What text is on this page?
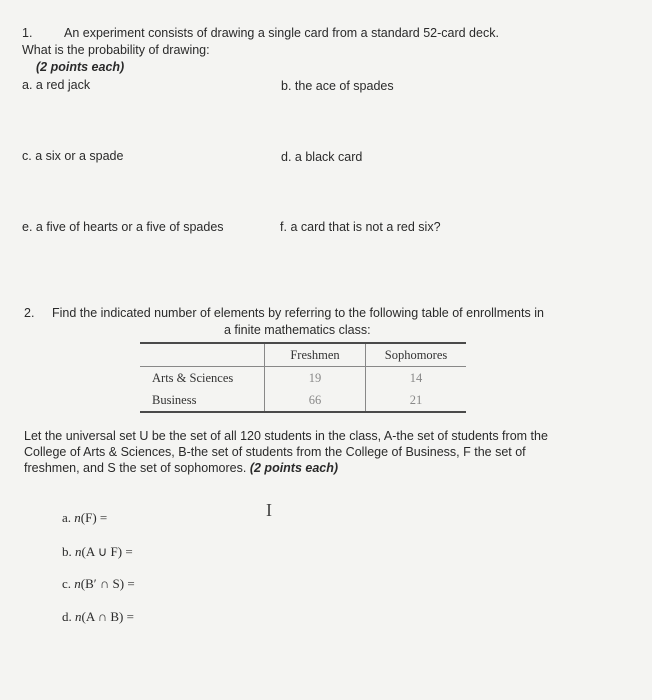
1.	An experiment consists of drawing a single card from a standard 52-card deck.
What is the probability of drawing:
(2 points each)
a. a red jack	b. the ace of spades
c. a six or a spade	d. a black card
e. a five of hearts or a five of spades	f. a card that is not a red six?
2. Find the indicated number of elements by referring to the following table of enrollments in
a finite mathematics class:
	Freshmen	Sophomores
Arts & Sciences	19	14
Business	66	21
Let the universal set U be the set of all 120 students in the class, A-the set of students from the
College of Arts & Sciences, B-the set of students from the College of Business, F the set of
freshmen, and S the set of sophomores. (2 points each)
I
a. n(F) =
b. n(A ∪ F) =
c. n(B′ ∩ S) =
d. n(A ∩ B) =
